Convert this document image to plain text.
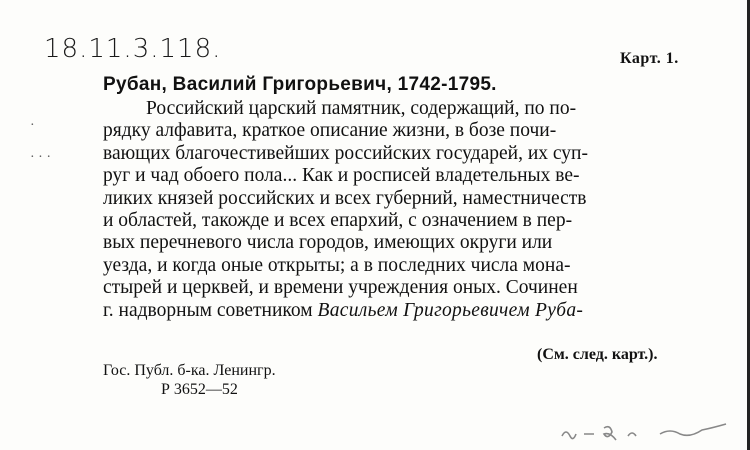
18.11.3.118.	Карт. 1.
Рубан, Василий Григорьевич, 1742-1795.
·

· · ·
Российский царский памятник, содержащий, по по-
рядку алфавита, краткое описание жизни, в бозе почи-
вающих благочестивейших российских государей, их суп-
руг и чад обоего пола... Как и росписей владетельных ве-
ликих князей российских и всех губерний, наместничеств
и областей, такожде и всех епархий, с означением в пер-
вых перечневого числа городов, имеющих округи или
уезда, и когда оные открыты; а в последних числа мона-
стырей и церквей, и времени учреждения оных. Сочинен
г. надворным советником Васильем Григорьевичем Руба-
(См. след. карт.).
Гос. Публ. б-ка. Ленингр.
Р 3652—52
